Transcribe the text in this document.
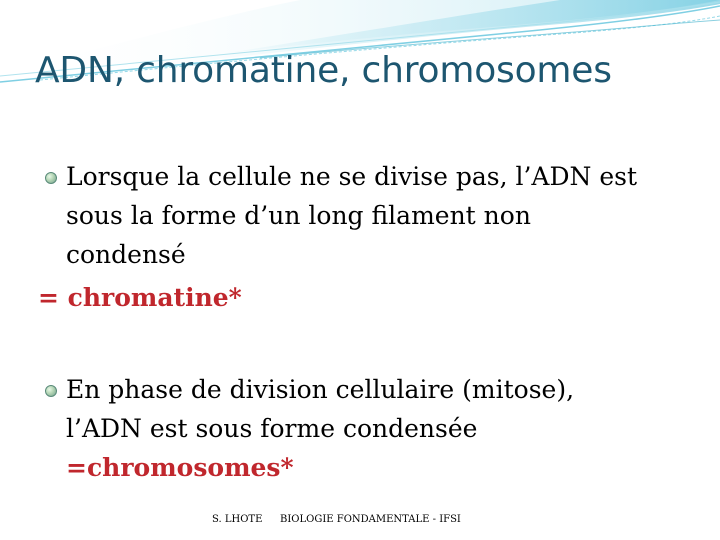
ADN, chromatine, chromosomes
Lorsque la cellule ne se divise pas, l’ADN est
sous la forme d’un long filament non
condensé
= chromatine*
En phase de division cellulaire (mitose),
l’ADN est sous forme condensée
=chromosomes*
S. LHOTE BIOLOGIE FONDAMENTALE - IFSI
